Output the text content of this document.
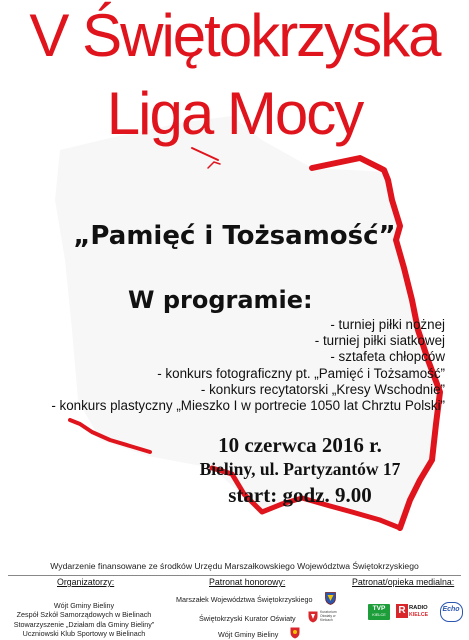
V Świętokrzyska
Liga Mocy
„Pamięć i Tożsamość”
W programie:
- turniej piłki nożnej
- turniej piłki siatkowej
- sztafeta chłopców
- konkurs fotograficzny pt. „Pamięć i Tożsamość”
- konkurs recytatorski „Kresy Wschodnie”
- konkurs plastyczny „Mieszko I w portrecie 1050 lat Chrztu Polski”
10 czerwca 2016 r.
Bieliny, ul. Partyzantów 17
start: godz. 9.00
Wydarzenie finansowane ze środków Urzędu Marszałkowskiego Województwa Świętokrzyskiego
Organizatorzy:
Wójt Gminy Bieliny
Zespół Szkół Samorządowych w Bielinach
Stowarzyszenie „Działam dla Gminy Bieliny”
Uczniowski Klub Sportowy w Bielinach
Patronat honorowy:
Marszałek Województwa Świętokrzyskiego
Świętokrzyski Kurator Oświaty
Kuratorium Oświaty w Kielcach
Wójt Gminy Bieliny
Patronat/opieka medialna:
TVP
KIELCE	R RADIO
KIELCE
Echo
